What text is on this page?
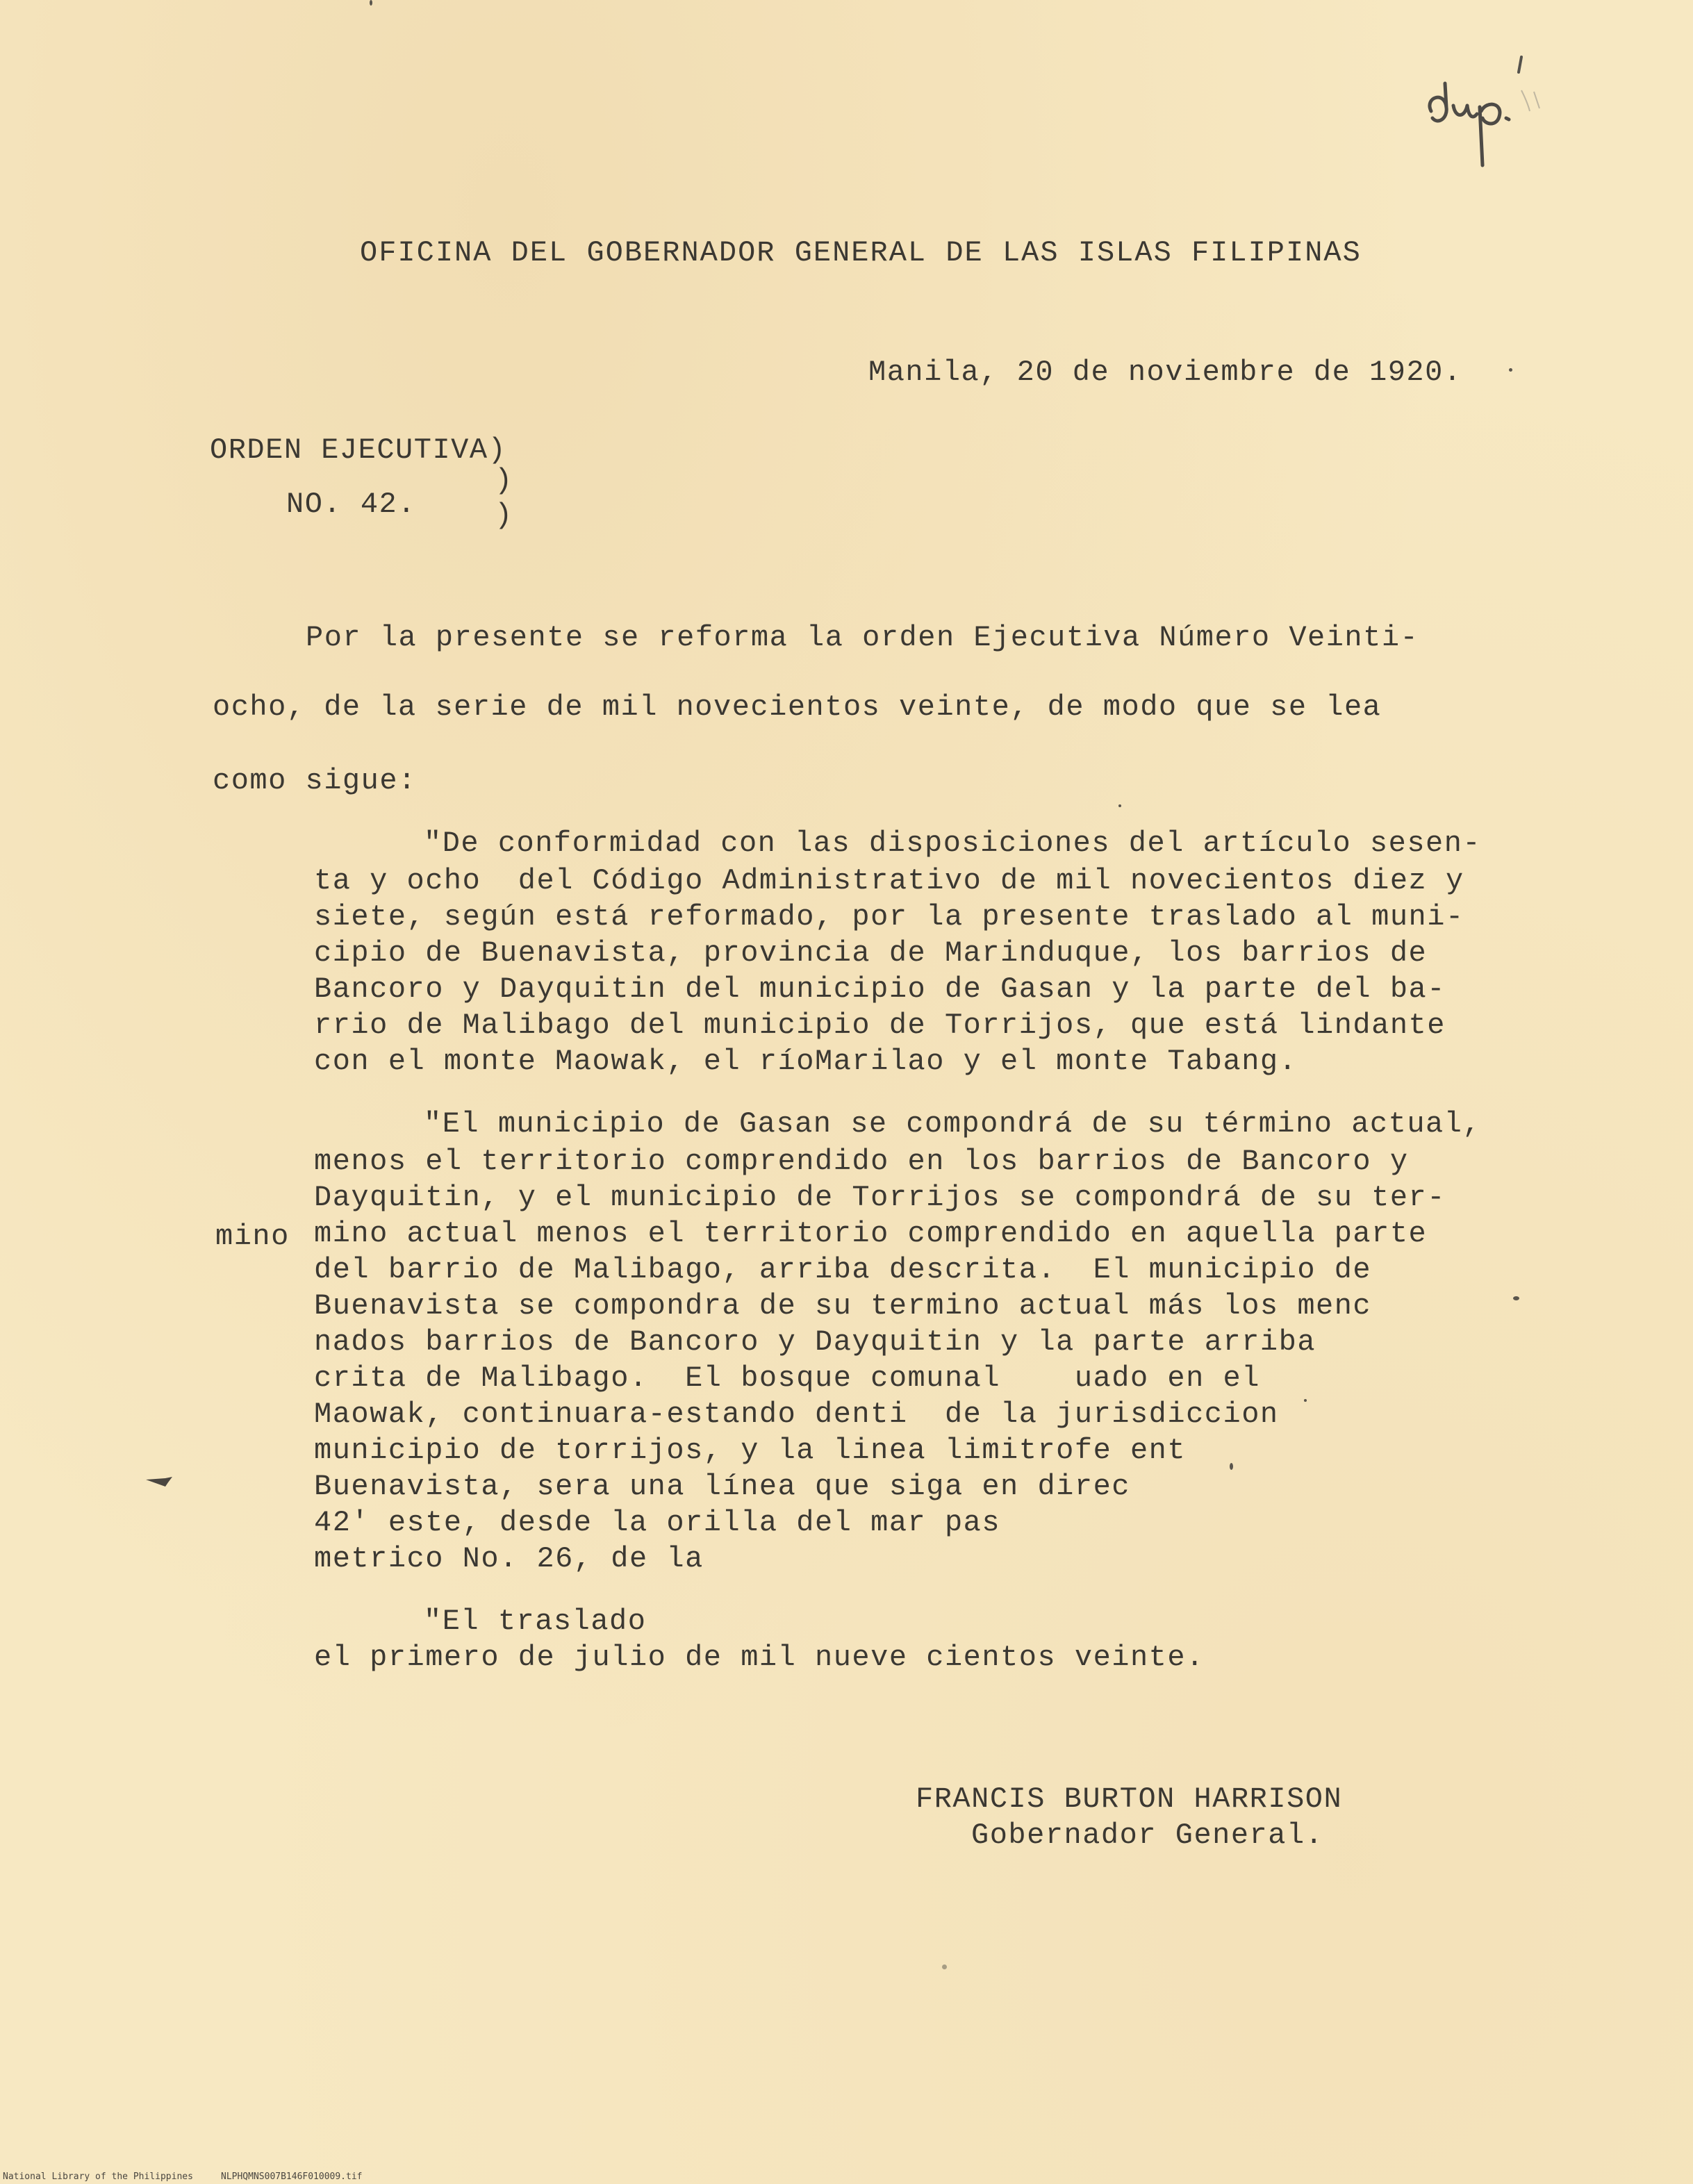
OFICINA DEL GOBERNADOR GENERAL DE LAS ISLAS FILIPINAS
Manila, 20 de noviembre de 1920.
ORDEN EJECUTIVA)
NO. 42.
)
)
Por la presente se reforma la orden Ejecutiva Número Veinti-
ocho, de la serie de mil novecientos veinte, de modo que se lea
como sigue:
"De conformidad con las disposiciones del artículo sesen-
ta y ocho  del Código Administrativo de mil novecientos diez y
siete, según está reformado, por la presente traslado al muni-
cipio de Buenavista, provincia de Marinduque, los barrios de
Bancoro y Dayquitin del municipio de Gasan y la parte del ba-
rrio de Malibago del municipio de Torrijos, que está lindante
con el monte Maowak, el ríoMarilao y el monte Tabang.
"El municipio de Gasan se compondrá de su término actual,
menos el territorio comprendido en los barrios de Bancoro y
Dayquitin, y el municipio de Torrijos se compondrá de su ter-
mino mino actual menos el territorio comprendido en aquella parte
del barrio de Malibago, arriba descrita.  El municipio de
Buenavista se compondra de su termino actual más los menc
nados barrios de Bancoro y Dayquitin y la parte arriba
crita de Malibago.  El bosque comunal    uado en el
Maowak, continuara-estando denti  de la jurisdiccion
municipio de torrijos, y la linea limitrofe ent
Buenavista, sera una línea que siga en direc
42' este, desde la orilla del mar pas
metrico No. 26, de la
"El traslado
el primero de julio de mil nueve cientos veinte.
FRANCIS BURTON HARRISON
Gobernador General.
National Library of the Philippines	NLPHQMNS007B146F010009.tif
